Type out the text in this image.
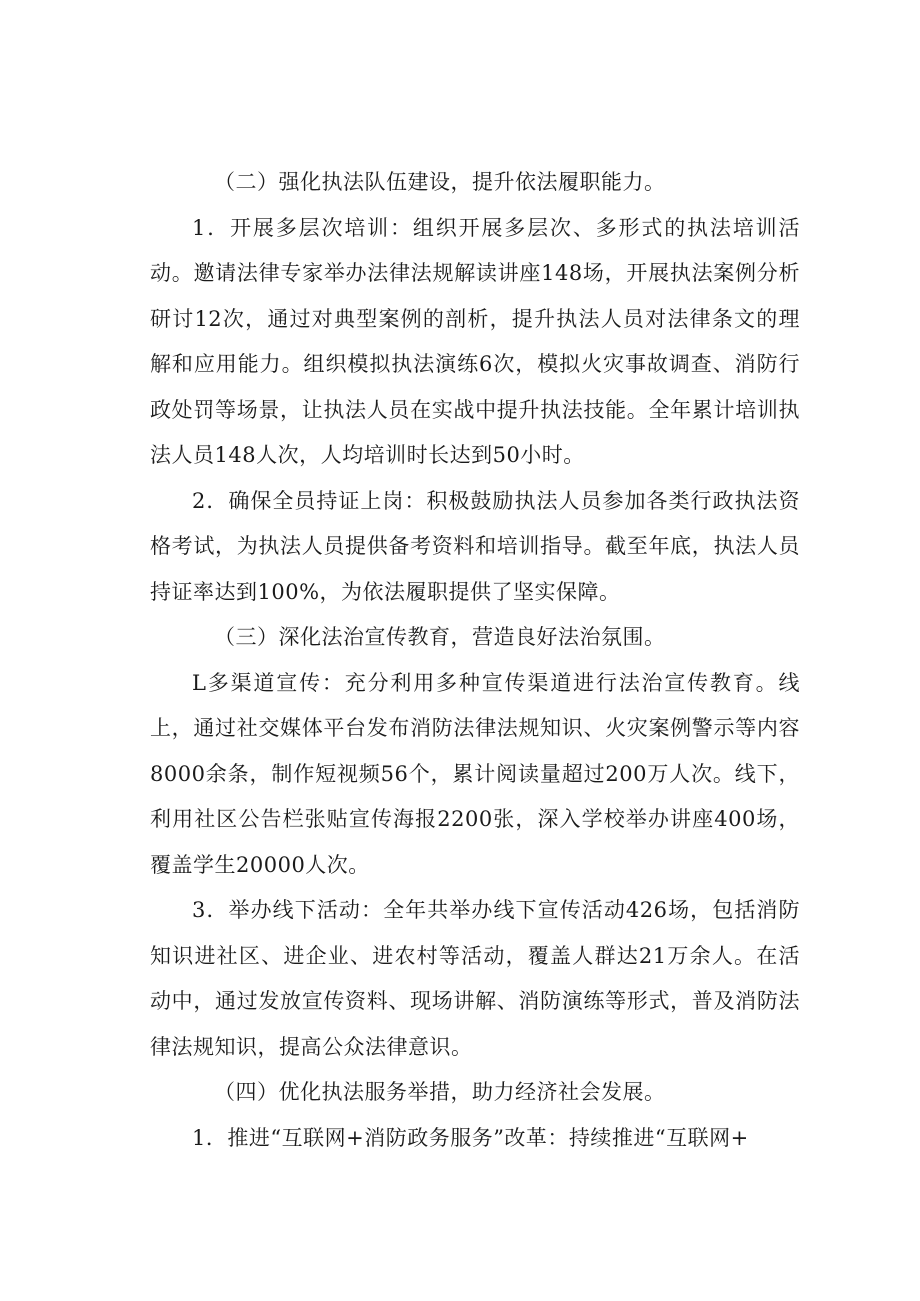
（二）强化执法队伍建设，提升依法履职能力。

1．开展多层次培训：组织开展多层次、多形式的执法培训活动。邀请法律专家举办法律法规解读讲座148场，开展执法案例分析研讨12次，通过对典型案例的剖析，提升执法人员对法律条文的理解和应用能力。组织模拟执法演练6次，模拟火灾事故调查、消防行政处罚等场景，让执法人员在实战中提升执法技能。全年累计培训执法人员148人次，人均培训时长达到50小时。

2．确保全员持证上岗：积极鼓励执法人员参加各类行政执法资格考试，为执法人员提供备考资料和培训指导。截至年底，执法人员持证率达到100%，为依法履职提供了坚实保障。

（三）深化法治宣传教育，营造良好法治氛围。

L多渠道宣传：充分利用多种宣传渠道进行法治宣传教育。线上，通过社交媒体平台发布消防法律法规知识、火灾案例警示等内容8000余条，制作短视频56个，累计阅读量超过200万人次。线下，利用社区公告栏张贴宣传海报2200张，深入学校举办讲座400场，覆盖学生20000人次。

3．举办线下活动：全年共举办线下宣传活动426场，包括消防知识进社区、进企业、进农村等活动，覆盖人群达21万余人。在活动中，通过发放宣传资料、现场讲解、消防演练等形式，普及消防法律法规知识，提高公众法律意识。

（四）优化执法服务举措，助力经济社会发展。

1．推进“互联网+消防政务服务”改革：持续推进“互联网+
